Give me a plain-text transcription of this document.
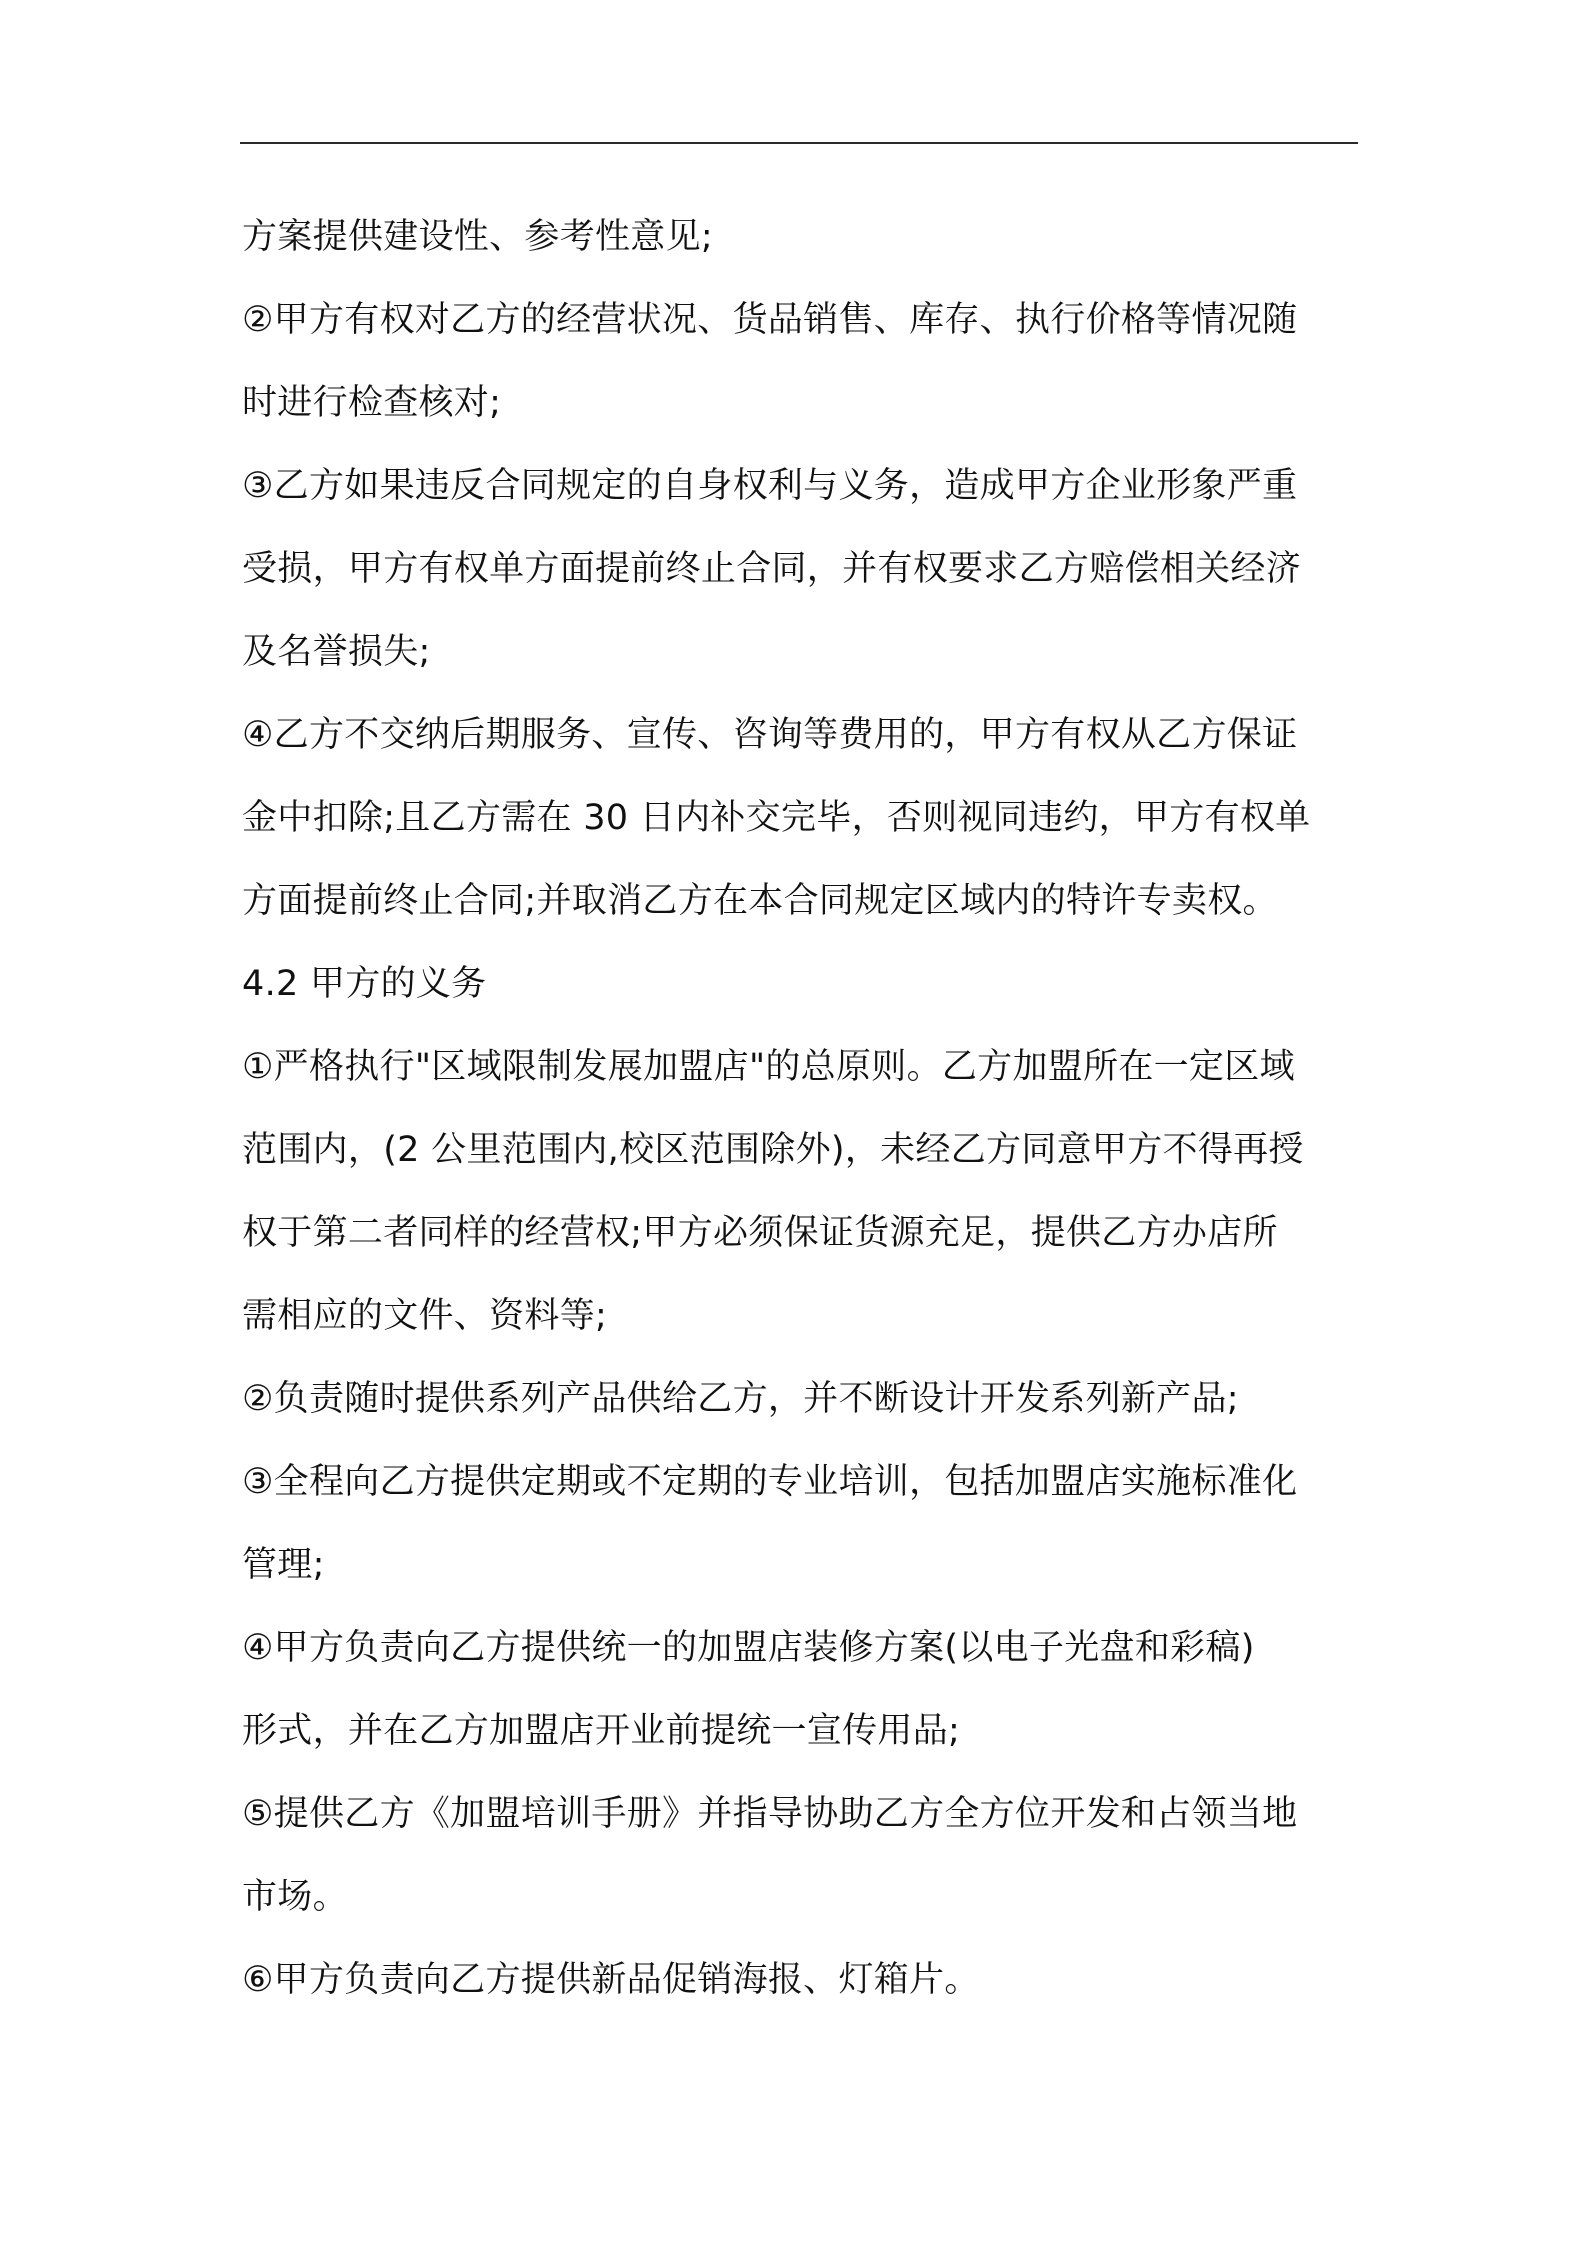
方案提供建设性、参考性意见;
②甲方有权对乙方的经营状况、货品销售、库存、执行价格等情况随
时进行检查核对;
③乙方如果违反合同规定的自身权利与义务，造成甲方企业形象严重
受损，甲方有权单方面提前终止合同，并有权要求乙方赔偿相关经济
及名誉损失;
④乙方不交纳后期服务、宣传、咨询等费用的，甲方有权从乙方保证
金中扣除;且乙方需在 30 日内补交完毕，否则视同违约，甲方有权单
方面提前终止合同;并取消乙方在本合同规定区域内的特许专卖权。
4.2 甲方的义务
①严格执行"区域限制发展加盟店"的总原则。乙方加盟所在一定区域
范围内，(2 公里范围内,校区范围除外)，未经乙方同意甲方不得再授
权于第二者同样的经营权;甲方必须保证货源充足，提供乙方办店所
需相应的文件、资料等;
②负责随时提供系列产品供给乙方，并不断设计开发系列新产品;
③全程向乙方提供定期或不定期的专业培训，包括加盟店实施标准化
管理;
④甲方负责向乙方提供统一的加盟店装修方案(以电子光盘和彩稿)
形式，并在乙方加盟店开业前提统一宣传用品;
⑤提供乙方《加盟培训手册》并指导协助乙方全方位开发和占领当地
市场。
⑥甲方负责向乙方提供新品促销海报、灯箱片。
